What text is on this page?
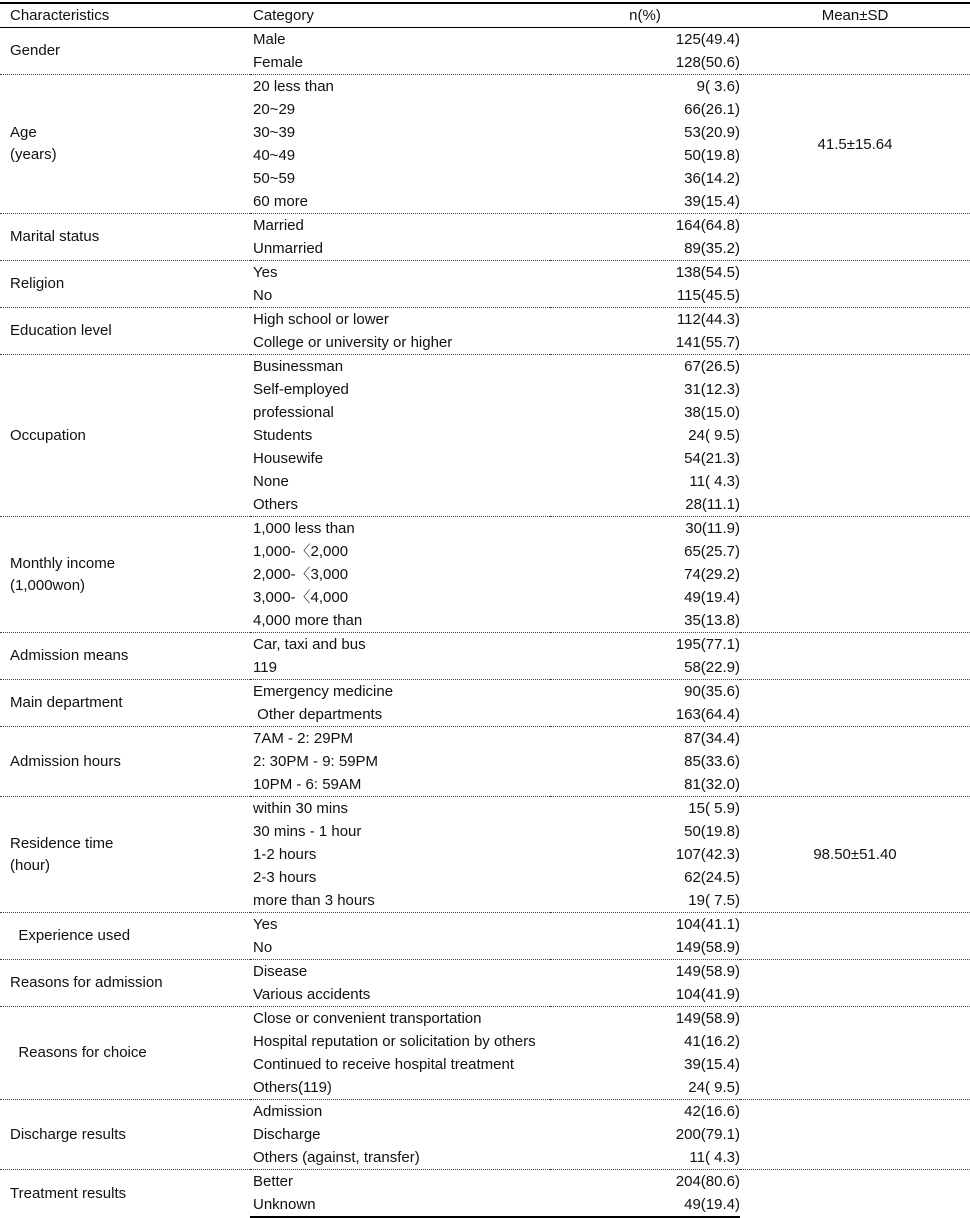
Characteristics	Category	n(%)	Mean±SD
Gender	Male	125(49.4)	
	Female	128(50.6)	
Age
(years)	20 less than	9( 3.6)	41.5±15.64
	20~29	66(26.1)	
	30~39	53(20.9)	
	40~49	50(19.8)	
	50~59	36(14.2)	
	60 more	39(15.4)	
Marital status	Married	164(64.8)	
	Unmarried	89(35.2)	
Religion	Yes	138(54.5)	
	No	115(45.5)	
Education level	High school or lower	112(44.3)	
	College or university or higher	141(55.7)	
Occupation	Businessman	67(26.5)	
	Self-employed	31(12.3)	
	professional	38(15.0)	
	Students	24( 9.5)	
	Housewife	54(21.3)	
	None	11( 4.3)	
	Others	28(11.1)	
Monthly income
(1,000won)	1,000 less than	30(11.9)	
	1,000-〈2,000	65(25.7)	
	2,000-〈3,000	74(29.2)	
	3,000-〈4,000	49(19.4)	
	4,000 more than	35(13.8)	
Admission means	Car, taxi and bus	195(77.1)	
	119	58(22.9)	
Main department	Emergency medicine	90(35.6)	
	Other departments	163(64.4)	
Admission hours	7AM - 2: 29PM	87(34.4)	
	2: 30PM - 9: 59PM	85(33.6)	
	10PM - 6: 59AM	81(32.0)	
Residence time
(hour)	within 30 mins	15( 5.9)	98.50±51.40
	30 mins - 1 hour	50(19.8)	
	1-2 hours	107(42.3)	
	2-3 hours	62(24.5)	
	more than 3 hours	19( 7.5)	
Experience used	Yes	104(41.1)	
	No	149(58.9)	
Reasons for admission	Disease	149(58.9)	
	Various accidents	104(41.9)	
Reasons for choice	Close or convenient transportation	149(58.9)	
	Hospital reputation or solicitation by others	41(16.2)	
	Continued to receive hospital treatment	39(15.4)	
	Others(119)	24( 9.5)	
Discharge results	Admission	42(16.6)	
	Discharge	200(79.1)	
	Others (against, transfer)	11( 4.3)	
Treatment results	Better	204(80.6)	
	Unknown	49(19.4)	
